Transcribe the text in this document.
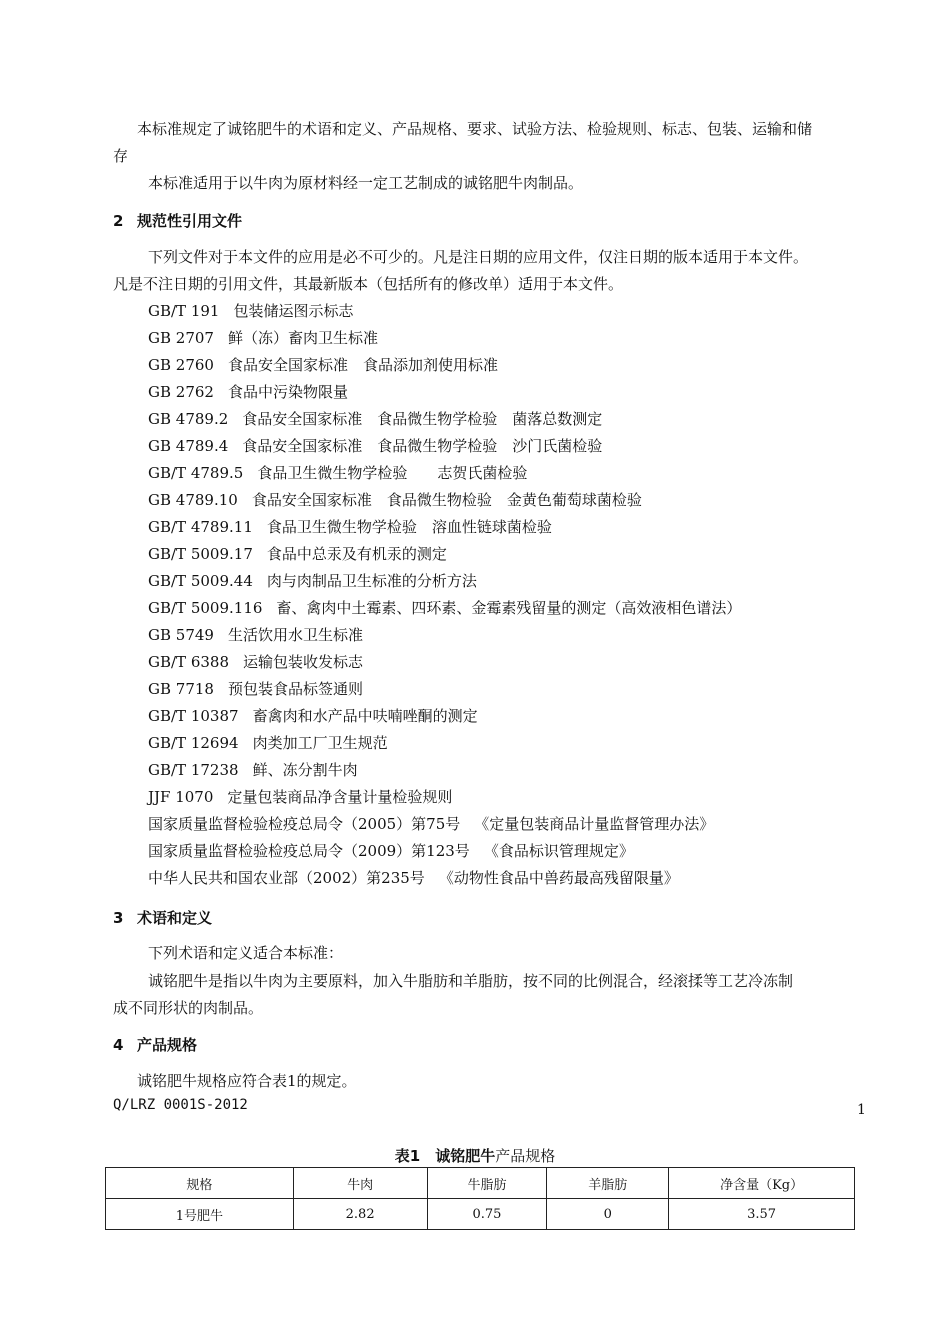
本标准规定了诚铭肥牛的术语和定义、产品规格、要求、试验方法、检验规则、标志、包装、运输和储
存
本标准适用于以牛肉为原材料经一定工艺制成的诚铭肥牛肉制品。
2 规范性引用文件
下列文件对于本文件的应用是必不可少的。凡是注日期的应用文件，仅注日期的版本适用于本文件。
凡是不注日期的引用文件，其最新版本（包括所有的修改单）适用于本文件。
GB/T 191 包装储运图示标志
GB 2707 鲜（冻）畜肉卫生标准
GB 2760 食品安全国家标准　食品添加剂使用标准
GB 2762 食品中污染物限量
GB 4789.2 食品安全国家标准　食品微生物学检验　菌落总数测定
GB 4789.4 食品安全国家标准　食品微生物学检验　沙门氏菌检验
GB/T 4789.5 食品卫生微生物学检验　　志贺氏菌检验
GB 4789.10 食品安全国家标准　食品微生物检验　金黄色葡萄球菌检验
GB/T 4789.11 食品卫生微生物学检验　溶血性链球菌检验
GB/T 5009.17 食品中总汞及有机汞的测定
GB/T 5009.44 肉与肉制品卫生标准的分析方法
GB/T 5009.116 畜、禽肉中土霉素、四环素、金霉素残留量的测定（高效液相色谱法）
GB 5749 生活饮用水卫生标准
GB/T 6388 运输包装收发标志
GB 7718 预包装食品标签通则
GB/T 10387 畜禽肉和水产品中呋喃唑酮的测定
GB/T 12694 肉类加工厂卫生规范
GB/T 17238 鲜、冻分割牛肉
JJF 1070 定量包装商品净含量计量检验规则
国家质量监督检验检疫总局令（2005）第75号 《定量包装商品计量监督管理办法》
国家质量监督检验检疫总局令（2009）第123号 《食品标识管理规定》
中华人民共和国农业部（2002）第235号 《动物性食品中兽药最高残留限量》
3 术语和定义
下列术语和定义适合本标准：
诚铭肥牛是指以牛肉为主要原料，加入牛脂肪和羊脂肪，按不同的比例混合，经滚揉等工艺冷冻制
成不同形状的肉制品。
4 产品规格
诚铭肥牛规格应符合表1的规定。
Q/LRZ 0001S-2012	1
表1　诚铭肥牛产品规格
规格	牛肉	牛脂肪	羊脂肪	净含量（Kg）
1号肥牛	2.82	0.75	0	3.57
